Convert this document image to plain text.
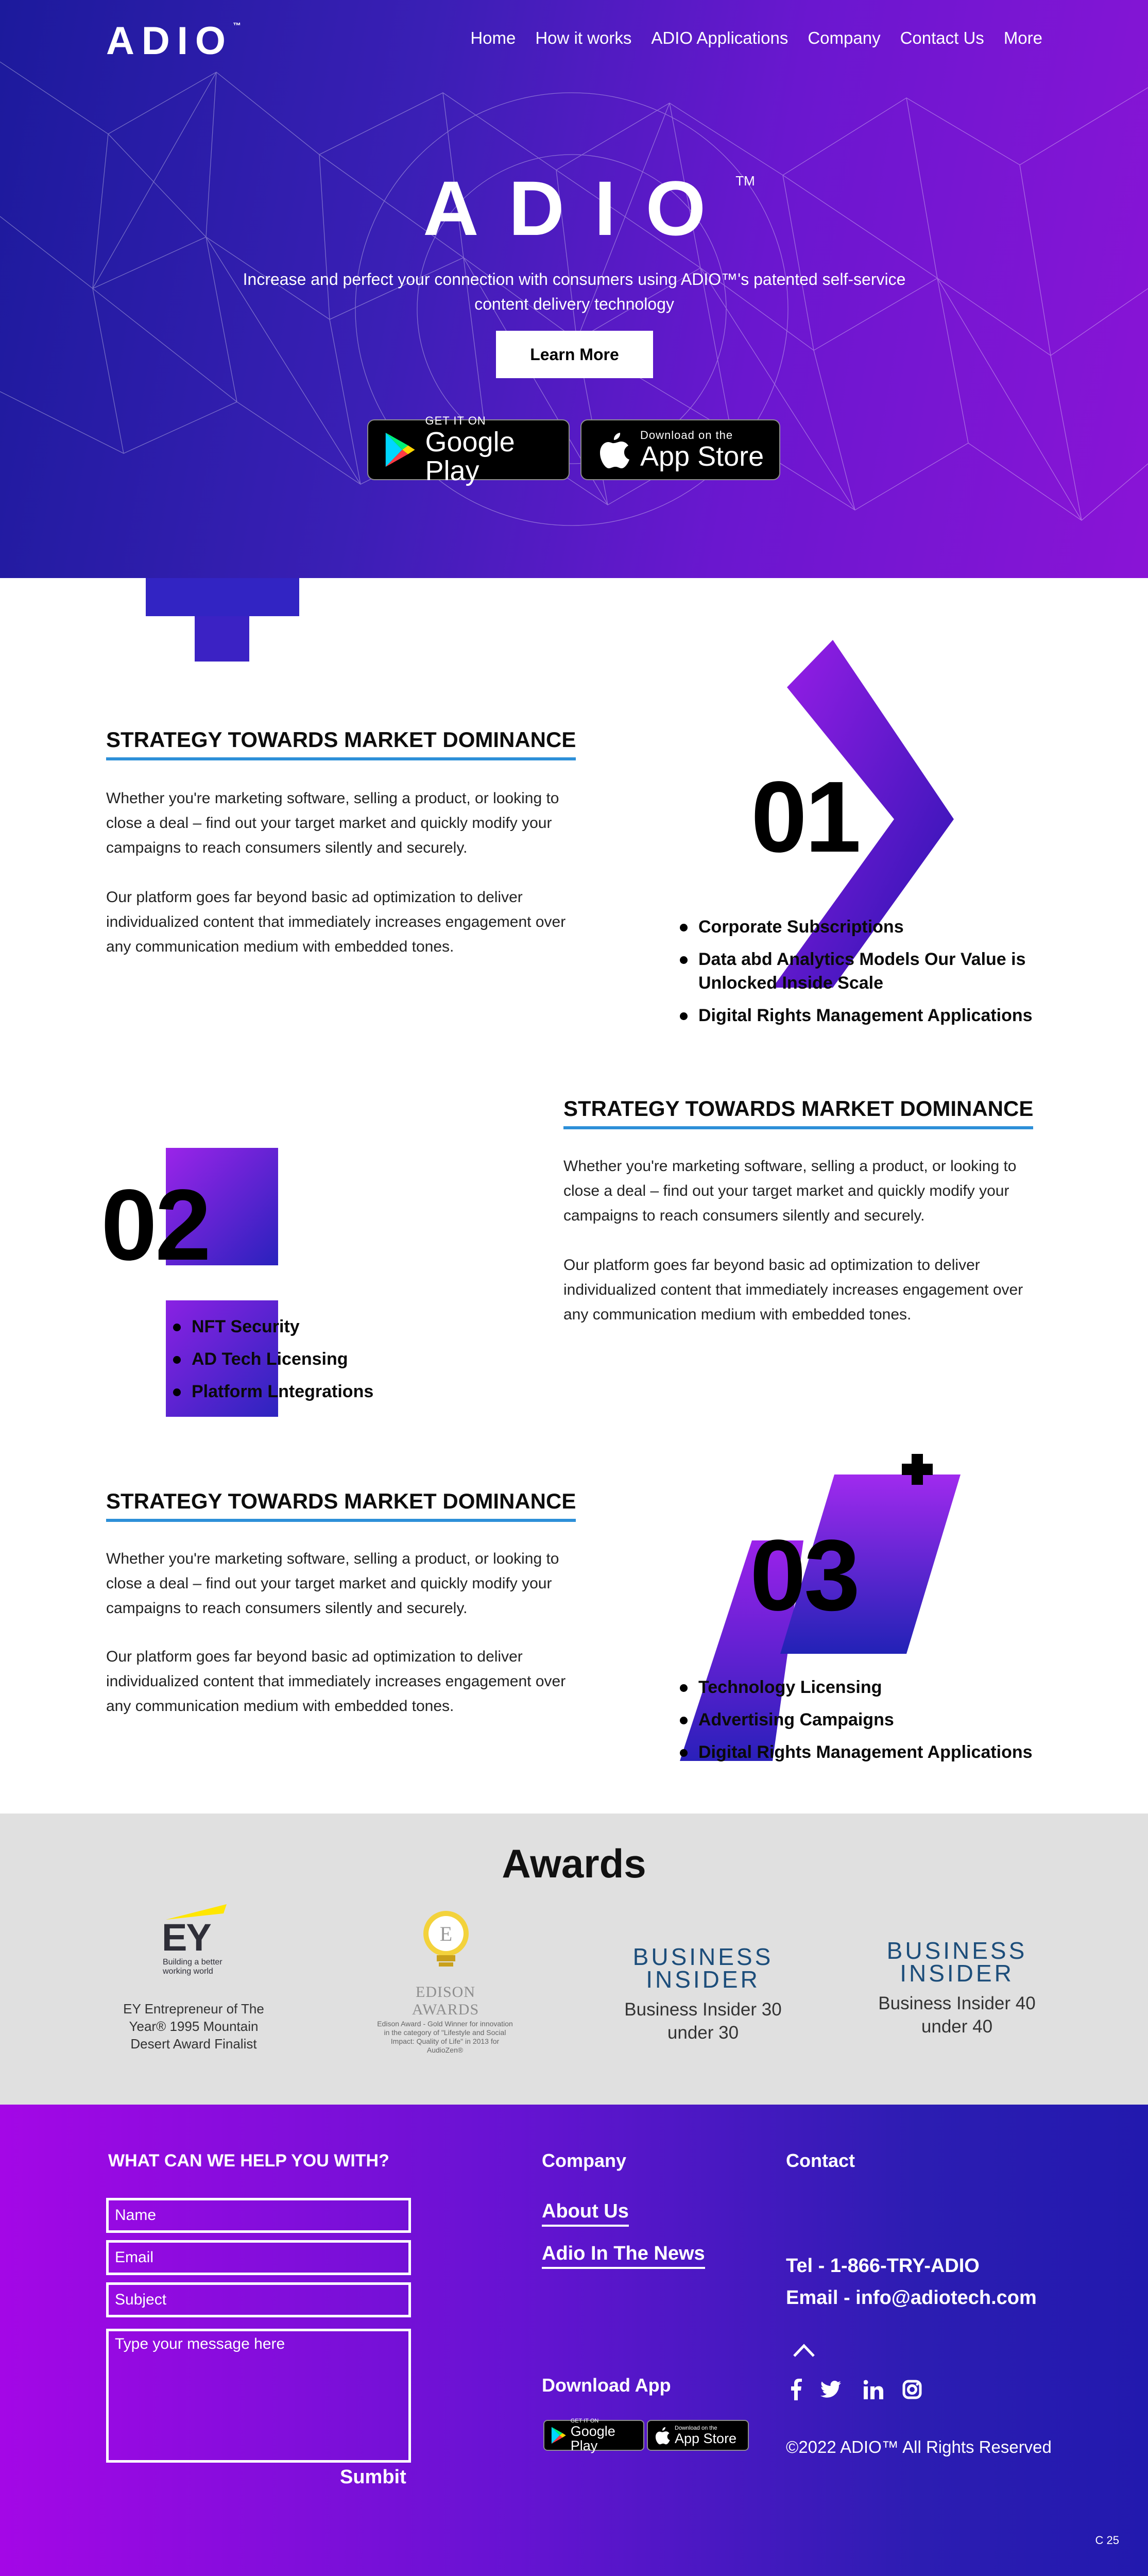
ADIO™
Home How it works ADIO Applications Company Contact Us More
ADIO™

Increase and perfect your connection with consumers using ADIO™'s patented self-service content delivery technology

Learn More
GET IT ON
Google Play
Download on the
App Store
STRATEGY TOWARDS MARKET DOMINANCE

Whether you're marketing software, selling a product, or looking to close a deal – find out your target market and quickly modify your campaigns to reach consumers silently and securely.

Our platform goes far beyond basic ad optimization to deliver individualized content that immediately increases engagement over any communication medium with embedded tones.

01
Corporate Subscriptions
Data abd Analytics Models Our Value is Unlocked Inside Scale
Digital Rights Management Applications
02
NFT Security
AD Tech Licensing
Platform Lntegrations
STRATEGY TOWARDS MARKET DOMINANCE

Whether you're marketing software, selling a product, or looking to close a deal – find out your target market and quickly modify your campaigns to reach consumers silently and securely.

Our platform goes far beyond basic ad optimization to deliver individualized content that immediately increases engagement over any communication medium with embedded tones.

STRATEGY TOWARDS MARKET DOMINANCE

Whether you're marketing software, selling a product, or looking to close a deal – find out your target market and quickly modify your campaigns to reach consumers silently and securely.

Our platform goes far beyond basic ad optimization to deliver individualized content that immediately increases engagement over any communication medium with embedded tones.

03
Technology Licensing
Advertising Campaigns
Digital Rights Management Applications
Awards
EY
Building a better working world
EY Entrepreneur of The Year® 1995 Mountain Desert Award Finalist
E
EDISON AWARDS
Edison Award - Gold Winner for innovation in the category of "Lifestyle and Social Impact: Quality of Life" in 2013 for AudioZen®
BUSINESS INSIDER
Business Insider 30 under 30
BUSINESS INSIDER
Business Insider 40 under 40
WHAT CAN WE HELP YOU WITH?
Name
Email
Subject
Type your message here
Sumbit
Company
About Us
Adio In The News
Download App
GET IT ON
Google Play
Download on the
App Store
Contact
Tel - 1-866-TRY-ADIO
Email - info@adiotech.com
©2022 ADIO™ All Rights Reserved
C 25
